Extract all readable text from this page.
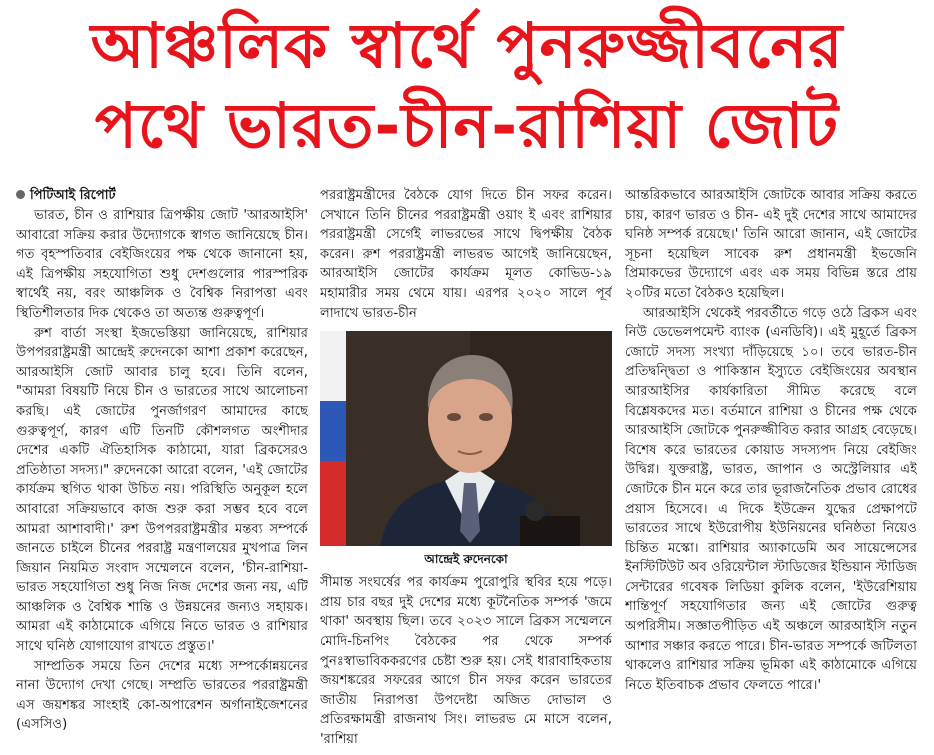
আঞ্চলিক স্বার্থে পুনরুজ্জীবনের
পথে ভারত-চীন-রাশিয়া জোট
পিটিআই রিপোর্ট

ভারত, চীন ও রাশিয়ার ত্রিপক্ষীয় জোট 'আরআইসি' আবারো সক্রিয় করার উদ্যোগকে স্বাগত জানিয়েছে চীন। গত বৃহস্পতিবার বেইজিংয়ের পক্ষ থেকে জানানো হয়, এই ত্রিপক্ষীয় সহযোগিতা শুধু দেশগুলোর পারস্পরিক স্বার্থেই নয়, বরং আঞ্চলিক ও বৈশ্বিক নিরাপত্তা এবং স্থিতিশীলতার দিক থেকেও তা অত্যন্ত গুরুত্বপূর্ণ।

রুশ বার্তা সংস্থা ইজভেস্তিয়া জানিয়েছে, রাশিয়ার উপপররাষ্ট্রমন্ত্রী আন্দ্রেই রুদেনকো আশা প্রকাশ করেছেন, আরআইসি জোট আবার চালু হবে। তিনি বলেন, "আমরা বিষয়টি নিয়ে চীন ও ভারতের সাথে আলোচনা করছি। এই জোটের পুনর্জাগরণ আমাদের কাছে গুরুত্বপূর্ণ, কারণ এটি তিনটি কৌশলগত অংশীদার দেশের একটি ঐতিহাসিক কাঠামো, যারা ব্রিকসেরও প্রতিষ্ঠাতা সদস্য।" রুদেনকো আরো বলেন, 'এই জোটের কার্যক্রম স্থগিত থাকা উচিত নয়। পরিস্থিতি অনুকূল হলে আবারো সক্রিয়ভাবে কাজ শুরু করা সম্ভব হবে বলে আমরা আশাবাদী।' রুশ উপপররাষ্ট্রমন্ত্রীর মন্তব্য সম্পর্কে জানতে চাইলে চীনের পররাষ্ট্র মন্ত্রণালয়ের মুখপাত্র লিন জিয়ান নিয়মিত সংবাদ সম্মেলনে বলেন, 'চীন-রাশিয়া-ভারত সহযোগিতা শুধু নিজ নিজ দেশের জন্য নয়, এটি আঞ্চলিক ও বৈশ্বিক শান্তি ও উন্নয়নের জন্যও সহায়ক। আমরা এই কাঠামোকে এগিয়ে নিতে ভারত ও রাশিয়ার সাথে ঘনিষ্ঠ যোগাযোগ রাখতে প্রস্তুত।'

সাম্প্রতিক সময়ে তিন দেশের মধ্যে সম্পর্কোন্নয়নের নানা উদ্যোগ দেখা গেছে। সম্প্রতি ভারতের পররাষ্ট্রমন্ত্রী এস জয়শঙ্কর সাংহাই কো-অপারেশন অর্গানাইজেশনের (এসসিও)

পররাষ্ট্রমন্ত্রীদের বৈঠকে যোগ দিতে চীন সফর করেন। সেখানে তিনি চীনের পররাষ্ট্রমন্ত্রী ওয়াং ই এবং রাশিয়ার পররাষ্ট্রমন্ত্রী সের্গেই লাভরভের সাথে দ্বিপক্ষীয় বৈঠক করেন। রুশ পররাষ্ট্রমন্ত্রী লাভরভ আগেই জানিয়েছেন, আরআইসি জোটের কার্যক্রম মূলত কোভিড-১৯ মহামারীর সময় থেমে যায়। এরপর ২০২০ সালে পূর্ব লাদাখে ভারত-চীন

আন্দ্রেই রুদেনকো

সীমান্ত সংঘর্ষের পর কার্যক্রম পুরোপুরি স্থবির হয়ে পড়ে। প্রায় চার বছর দুই দেশের মধ্যে কূটনৈতিক সম্পর্ক 'জমে থাকা' অবস্থায় ছিল। তবে ২০২৩ সালে ব্রিকস সম্মেলনে মোদি-চিনপিং বৈঠকের পর থেকে সম্পর্ক পুনঃস্বাভাবিককরণের চেষ্টা শুরু হয়। সেই ধারাবাহিকতায় জয়শঙ্করের সফরের আগে চীন সফর করেন ভারতের জাতীয় নিরাপত্তা উপদেষ্টা অজিত দোভাল ও প্রতিরক্ষামন্ত্রী রাজনাথ সিং। লাভরভ মে মাসে বলেন, 'রাশিয়া

আন্তরিকভাবে আরআইসি জোটকে আবার সক্রিয় করতে চায়, কারণ ভারত ও চীন- এই দুই দেশের সাথে আমাদের ঘনিষ্ঠ সম্পর্ক রয়েছে।' তিনি আরো জানান, এই জোটের সূচনা হয়েছিল সাবেক রুশ প্রধানমন্ত্রী ইভজেনি প্রিমাকভের উদ্যোগে এবং এক সময় বিভিন্ন স্তরে প্রায় ২০টির মতো বৈঠকও হয়েছিল।

আরআইসি থেকেই পরবর্তীতে গড়ে ওঠে ব্রিকস এবং নিউ ডেভেলপমেন্ট ব্যাংক (এনডিবি)। এই মুহূর্তে ব্রিকস জোটে সদস্য সংখ্যা দাঁড়িয়েছে ১০। তবে ভারত-চীন প্রতিদ্বন্দ্বিতা ও পাকিস্তান ইস্যুতে বেইজিংয়ের অবস্থান আরআইসির কার্যকারিতা সীমিত করেছে বলে বিশ্লেষকদের মত। বর্তমানে রাশিয়া ও চীনের পক্ষ থেকে আরআইসি জোটকে পুনরুজ্জীবিত করার আগ্রহ বেড়েছে। বিশেষ করে ভারতের কোয়াড সদস্যপদ নিয়ে বেইজিং উদ্বিগ্ন। যুক্তরাষ্ট্র, ভারত, জাপান ও অস্ট্রেলিয়ার এই জোটকে চীন মনে করে তার ভূরাজনৈতিক প্রভাব রোধের প্রয়াস হিসেবে। এ দিকে ইউক্রেন যুদ্ধের প্রেক্ষাপটে ভারতের সাথে ইউরোপীয় ইউনিয়নের ঘনিষ্ঠতা নিয়েও চিন্তিত মস্কো। রাশিয়ার অ্যাকাডেমি অব সায়েন্সেসের ইনস্টিটিউট অব ওরিয়েন্টাল স্টাডিজের ইন্ডিয়ান স্টাডিজ সেন্টারের গবেষক লিডিয়া কুলিক বলেন, 'ইউরেশিয়ায় শান্তিপূর্ণ সহযোগিতার জন্য এই জোটের গুরুত্ব অপরিসীম। সজ্ঞাতপীড়িত এই অঞ্চলে আরআইসি নতুন আশার সঞ্চার করতে পারে। চীন-ভারত সম্পর্কে জটিলতা থাকলেও রাশিয়ার সক্রিয় ভূমিকা এই কাঠামোকে এগিয়ে নিতে ইতিবাচক প্রভাব ফেলতে পারে।'
